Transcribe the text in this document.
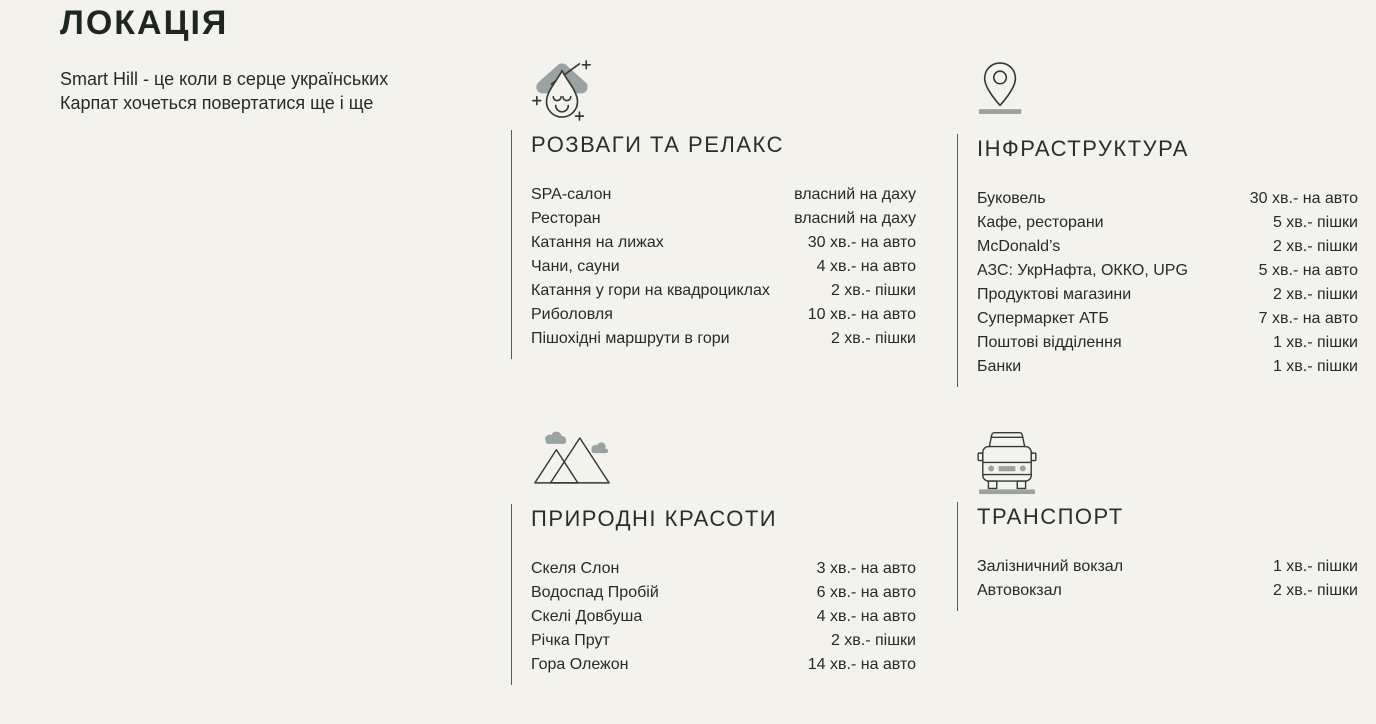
ЛОКАЦІЯ

Smart Hill - це коли в серце українських
Карпат хочеться повертатися ще і ще

РОЗВАГИ ТА РЕЛАКС
SPA-салон	власний на даху
Ресторан	власний на даху
Катання на лижах	30 хв.- на авто
Чани, сауни	4 хв.- на авто
Катання у гори на квадроциклах	2 хв.- пішки
Риболовля	10 хв.- на авто
Пішохідні маршрути в гори	2 хв.- пішки
ІНФРАСТРУКТУРА
Буковель	30 хв.- на авто
Кафе, ресторани	5 хв.- пішки
McDonald’s	2 хв.- пішки
АЗС: УкрНафта, ОККО, UPG	5 хв.- на авто
Продуктові магазини	2 хв.- пішки
Супермаркет АТБ	7 хв.- на авто
Поштові відділення	1 хв.- пішки
Банки	1 хв.- пішки
ПРИРОДНІ КРАСОТИ
Скеля Слон	3 хв.- на авто
Водоспад Пробій	6 хв.- на авто
Скелі Довбуша	4 хв.- на авто
Річка Прут	2 хв.- пішки
Гора Олежон	14 хв.- на авто
ТРАНСПОРТ
Залізничний вокзал	1 хв.- пішки
Автовокзал	2 хв.- пішки
